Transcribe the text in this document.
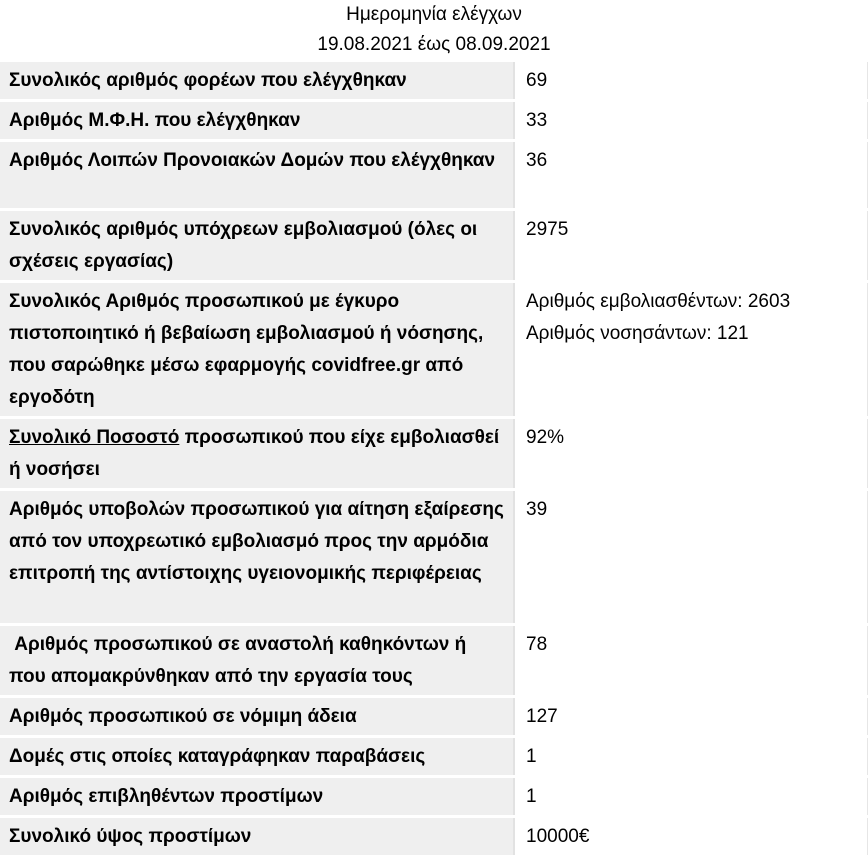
Ημερομηνία ελέγχων
19.08.2021 έως 08.09.2021
Συνολικός αριθμός φορέων που ελέγχθηκαν	69
Αριθμός Μ.Φ.Η. που ελέγχθηκαν	33
Αριθμός Λοιπών Προνοιακών Δομών που ελέγχθηκαν	36
Συνολικός αριθμός υπόχρεων εμβολιασμού (όλες οι σχέσεις εργασίας)	2975
Συνολικός Αριθμός προσωπικού με έγκυρο πιστοποιητικό ή βεβαίωση εμβολιασμού ή νόσησης, που σαρώθηκε μέσω εφαρμογής covidfree.gr από εργοδότη	Αριθμός εμβολιασθέντων: 2603
Αριθμός νοσησάντων: 121

Συνολικό Ποσοστό προσωπικού που είχε εμβολιασθεί ή νοσήσει	92%
Αριθμός υποβολών προσωπικού για αίτηση εξαίρεσης από τον υποχρεωτικό εμβολιασμό προς την αρμόδια επιτροπή της αντίστοιχης υγειονομικής περιφέρειας	39
Αριθμός προσωπικού σε αναστολή καθηκόντων ή που απομακρύνθηκαν από την εργασία τους	78
Αριθμός προσωπικού σε νόμιμη άδεια	127
Δομές στις οποίες καταγράφηκαν παραβάσεις	1
Αριθμός επιβληθέντων προστίμων	1
Συνολικό ύψος προστίμων	10000€
